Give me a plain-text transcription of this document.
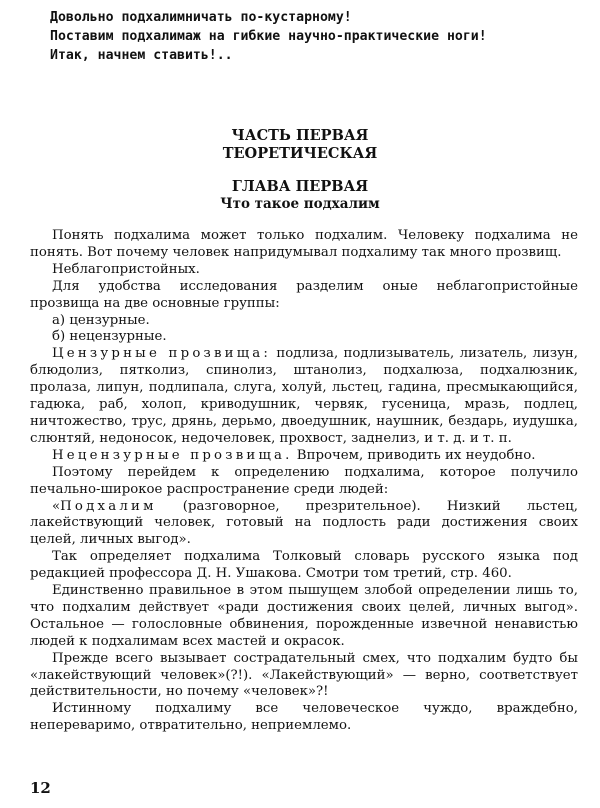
Довольно подхалимничать по-кустарному!
Поставим подхалимаж на гибкие научно-практические ноги!
Итак, начнем ставить!..
ЧАСТЬ ПЕРВАЯ
ТЕОРЕТИЧЕСКАЯ
ГЛАВА ПЕРВАЯ
Что такое подхалим

Понять подхалима может только подхалим. Человеку подхалима не понять. Вот почему человек напридумывал подхалиму так много прозвищ.

Неблагопристойных.

Для удобства исследования разделим оные неблагопристойные прозвища на две основные группы:

а) цензурные.

б) нецензурные.

Цензурные прозвища: подлиза, подлизыватель, лизатель, лизун, блюдолиз, пятколиз, спинолиз, штанолиз, подхалюза, подхалюзник, пролаза, липун, подлипала, слуга, холуй, льстец, гадина, пресмыкающийся, гадюка, раб, холоп, криводушник, червяк, гусеница, мразь, подлец, ничтожество, трус, дрянь, дерьмо, двоедушник, наушник, бездарь, иудушка, слюнтяй, недоносок, недочеловек, прохвост, заднелиз, и т. д. и т. п.

Нецензурные прозвища. Впрочем, приводить их неудобно.

Поэтому перейдем к определению подхалима, которое получило печально-широкое распространение среди людей:

«Подхалим (разговорное, презрительное). Низкий льстец, лакействующий человек, готовый на подлость ради достижения своих целей, личных выгод».

Так определяет подхалима Толковый словарь русского языка под редакцией профессора Д. Н. Ушакова. Смотри том третий, стр. 460.

Единственно правильное в этом пышущем злобой определении лишь то, что подхалим действует «ради достижения своих целей, личных выгод». Остальное — голословные обвинения, порожденные извечной ненавистью людей к подхалимам всех мастей и окрасок.

Прежде всего вызывает сострадательный смех, что подхалим будто бы «лакействующий человек»(?!). «Лакействующий» — верно, соответствует действительности, но почему «человек»?!

Истинному подхалиму все человеческое чуждо, враждебно, непереваримо, отвратительно, неприемлемо.

12
